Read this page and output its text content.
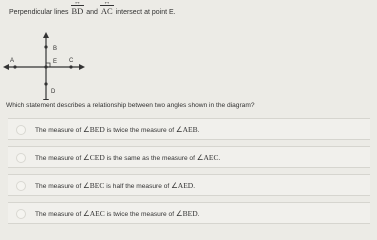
Perpendicular lines BD ↔ and AC ↔ intersect at point E.
B
A	E C
D
Which statement describes a relationship between two angles shown in the diagram?
The measure of ∠BED is twice the measure of ∠AEB.
The measure of ∠CED is the same as the measure of ∠AEC.
The measure of ∠BEC is half the measure of ∠AED.
The measure of ∠AEC is twice the measure of ∠BED.
